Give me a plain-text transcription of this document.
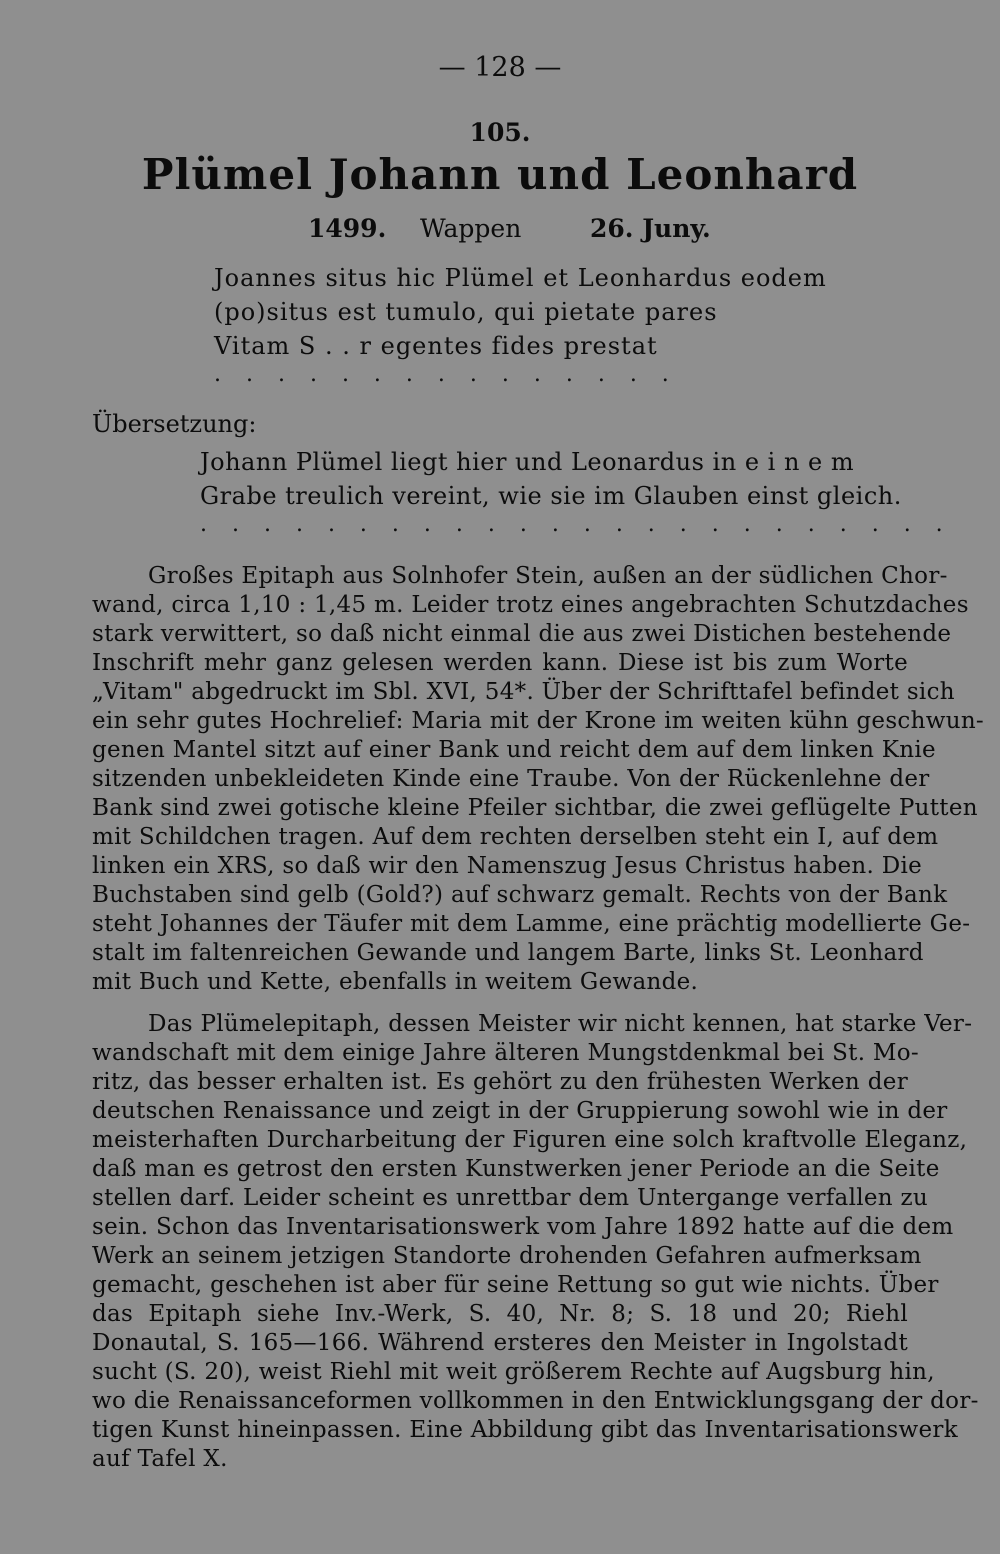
— 128 —
105.
Plümel Johann und Leonhard
1499. Wappen	26. Juny.
Joannes situs hic Plümel et Leonhardus eodem
(po)situs est tumulo, qui pietate pares
Vitam S . . r egentes fides prestat
. . . . . . . . . . . . . . .
Übersetzung:
Johann Plümel liegt hier und Leonardus in e i n e m
Grabe treulich vereint, wie sie im Glauben einst gleich.
. . . . . . . . . . . . . . . . . . . . . . . .
Großes Epitaph aus Solnhofer Stein, außen an der südlichen Chor-
wand, circa 1,10 : 1,45 m. Leider trotz eines angebrachten Schutzdaches
stark verwittert, so daß nicht einmal die aus zwei Distichen bestehende
Inschrift mehr ganz gelesen werden kann. Diese ist bis zum Worte
„Vitam" abgedruckt im Sbl. XVI, 54*. Über der Schrifttafel befindet sich
ein sehr gutes Hochrelief: Maria mit der Krone im weiten kühn geschwun-
genen Mantel sitzt auf einer Bank und reicht dem auf dem linken Knie
sitzenden unbekleideten Kinde eine Traube. Von der Rückenlehne der
Bank sind zwei gotische kleine Pfeiler sichtbar, die zwei geflügelte Putten
mit Schildchen tragen. Auf dem rechten derselben steht ein I, auf dem
linken ein XRS, so daß wir den Namenszug Jesus Christus haben. Die
Buchstaben sind gelb (Gold?) auf schwarz gemalt. Rechts von der Bank
steht Johannes der Täufer mit dem Lamme, eine prächtig modellierte Ge-
stalt im faltenreichen Gewande und langem Barte, links St. Leonhard
mit Buch und Kette, ebenfalls in weitem Gewande.
Das Plümelepitaph, dessen Meister wir nicht kennen, hat starke Ver-
wandschaft mit dem einige Jahre älteren Mungstdenkmal bei St. Mo-
ritz, das besser erhalten ist. Es gehört zu den frühesten Werken der
deutschen Renaissance und zeigt in der Gruppierung sowohl wie in der
meisterhaften Durcharbeitung der Figuren eine solch kraftvolle Eleganz,
daß man es getrost den ersten Kunstwerken jener Periode an die Seite
stellen darf. Leider scheint es unrettbar dem Untergange verfallen zu
sein. Schon das Inventarisationswerk vom Jahre 1892 hatte auf die dem
Werk an seinem jetzigen Standorte drohenden Gefahren aufmerksam
gemacht, geschehen ist aber für seine Rettung so gut wie nichts. Über
das Epitaph siehe Inv.-Werk, S. 40, Nr. 8; S. 18 und 20; Riehl
Donautal, S. 165—166. Während ersteres den Meister in Ingolstadt
sucht (S. 20), weist Riehl mit weit größerem Rechte auf Augsburg hin,
wo die Renaissanceformen vollkommen in den Entwicklungsgang der dor-
tigen Kunst hineinpassen. Eine Abbildung gibt das Inventarisationswerk
auf Tafel X.
